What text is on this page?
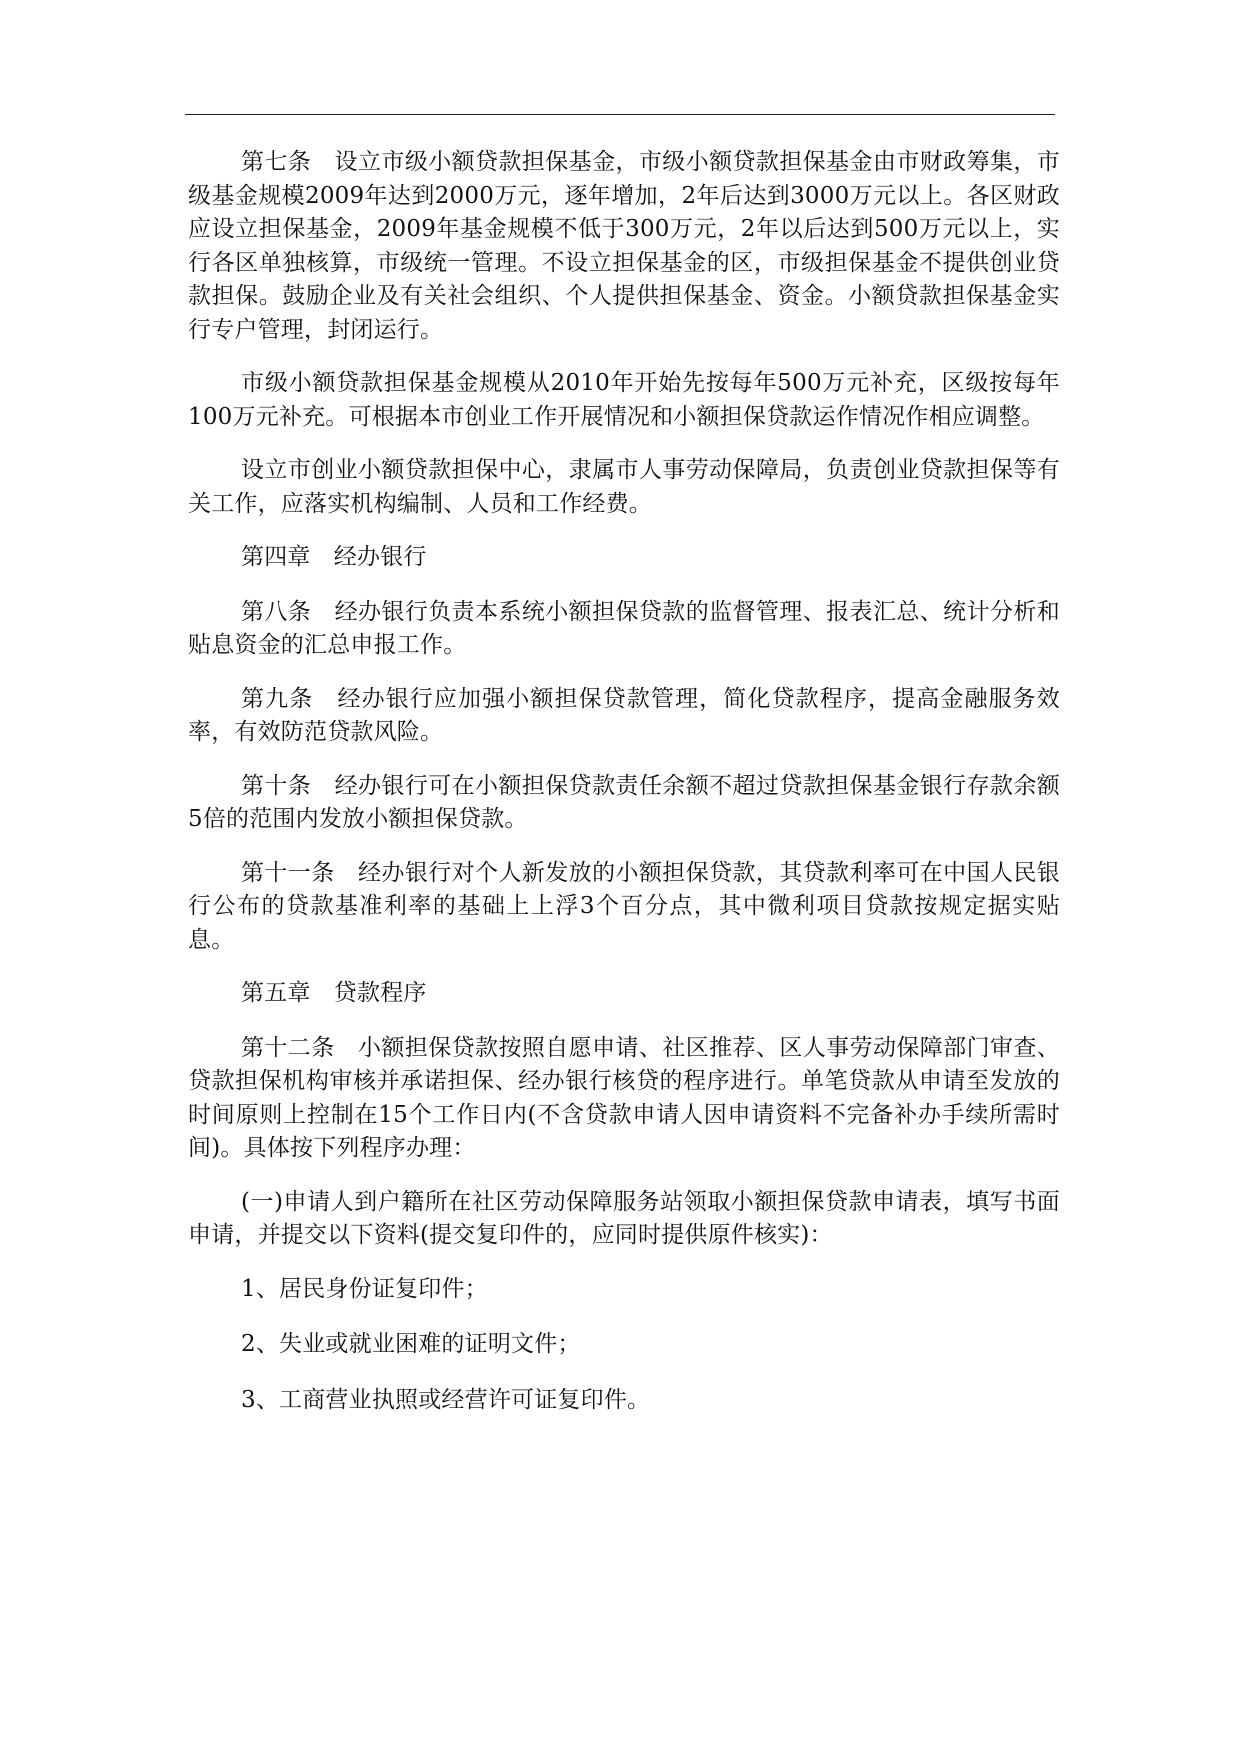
第七条　设立市级小额贷款担保基金，市级小额贷款担保基金由市财政筹集，市级基金规模2009年达到2000万元，逐年增加，2年后达到3000万元以上。各区财政应设立担保基金，2009年基金规模不低于300万元，2年以后达到500万元以上，实行各区单独核算，市级统一管理。不设立担保基金的区，市级担保基金不提供创业贷款担保。鼓励企业及有关社会组织、个人提供担保基金、资金。小额贷款担保基金实行专户管理，封闭运行。

市级小额贷款担保基金规模从2010年开始先按每年500万元补充，区级按每年100万元补充。可根据本市创业工作开展情况和小额担保贷款运作情况作相应调整。

设立市创业小额贷款担保中心，隶属市人事劳动保障局，负责创业贷款担保等有关工作，应落实机构编制、人员和工作经费。

第四章　经办银行

第八条　经办银行负责本系统小额担保贷款的监督管理、报表汇总、统计分析和贴息资金的汇总申报工作。

第九条　经办银行应加强小额担保贷款管理，简化贷款程序，提高金融服务效率，有效防范贷款风险。

第十条　经办银行可在小额担保贷款责任余额不超过贷款担保基金银行存款余额5倍的范围内发放小额担保贷款。

第十一条　经办银行对个人新发放的小额担保贷款，其贷款利率可在中国人民银行公布的贷款基准利率的基础上上浮3个百分点，其中微利项目贷款按规定据实贴息。

第五章　贷款程序

第十二条　小额担保贷款按照自愿申请、社区推荐、区人事劳动保障部门审查、贷款担保机构审核并承诺担保、经办银行核贷的程序进行。单笔贷款从申请至发放的时间原则上控制在15个工作日内(不含贷款申请人因申请资料不完备补办手续所需时间)。具体按下列程序办理：

(一)申请人到户籍所在社区劳动保障服务站领取小额担保贷款申请表，填写书面申请，并提交以下资料(提交复印件的，应同时提供原件核实)：

1、居民身份证复印件；

2、失业或就业困难的证明文件；

3、工商营业执照或经营许可证复印件。
